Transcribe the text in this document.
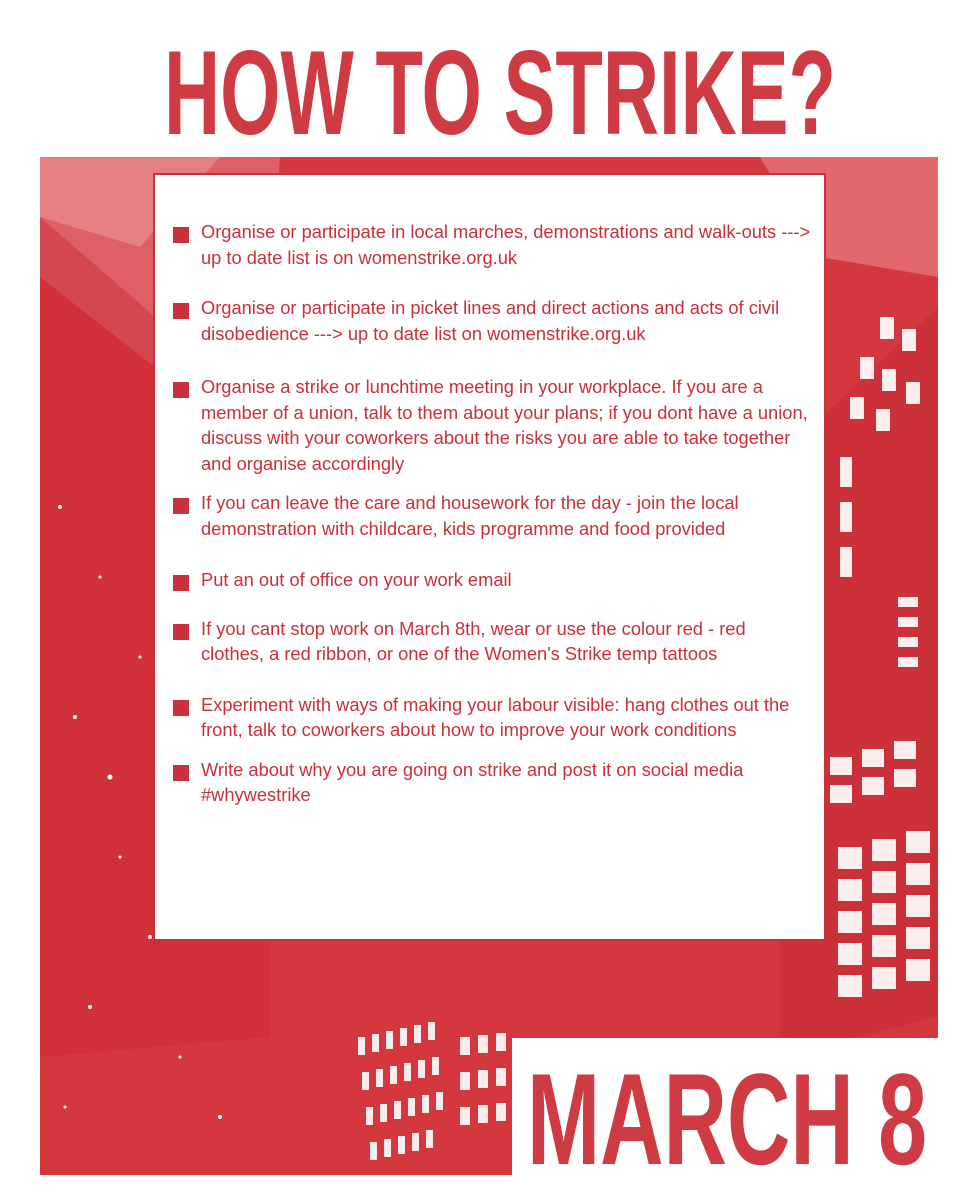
HOW TO STRIKE?
Organise or participate in local marches, demonstrations and walk-outs ---> up to date list is on womenstrike.org.uk
Organise or participate in picket lines and direct actions and acts of civil disobedience ---> up to date list on womenstrike.org.uk
Organise a strike or lunchtime meeting in your workplace. If you are a member of a union, talk to them about your plans; if you dont have a union, discuss with your coworkers about the risks you are able to take together and organise accordingly
If you can leave the care and housework for the day - join the local demonstration with childcare, kids programme and food provided
Put an out of office on your work email
If you cant stop work on March 8th, wear or use the colour red - red clothes, a red ribbon, or one of the Women's Strike temp tattoos
Experiment with ways of making your labour visible: hang clothes out the front, talk to coworkers about how to improve your work conditions
Write about why you are going on strike and post it on social media #whywestrike
MARCH 8
